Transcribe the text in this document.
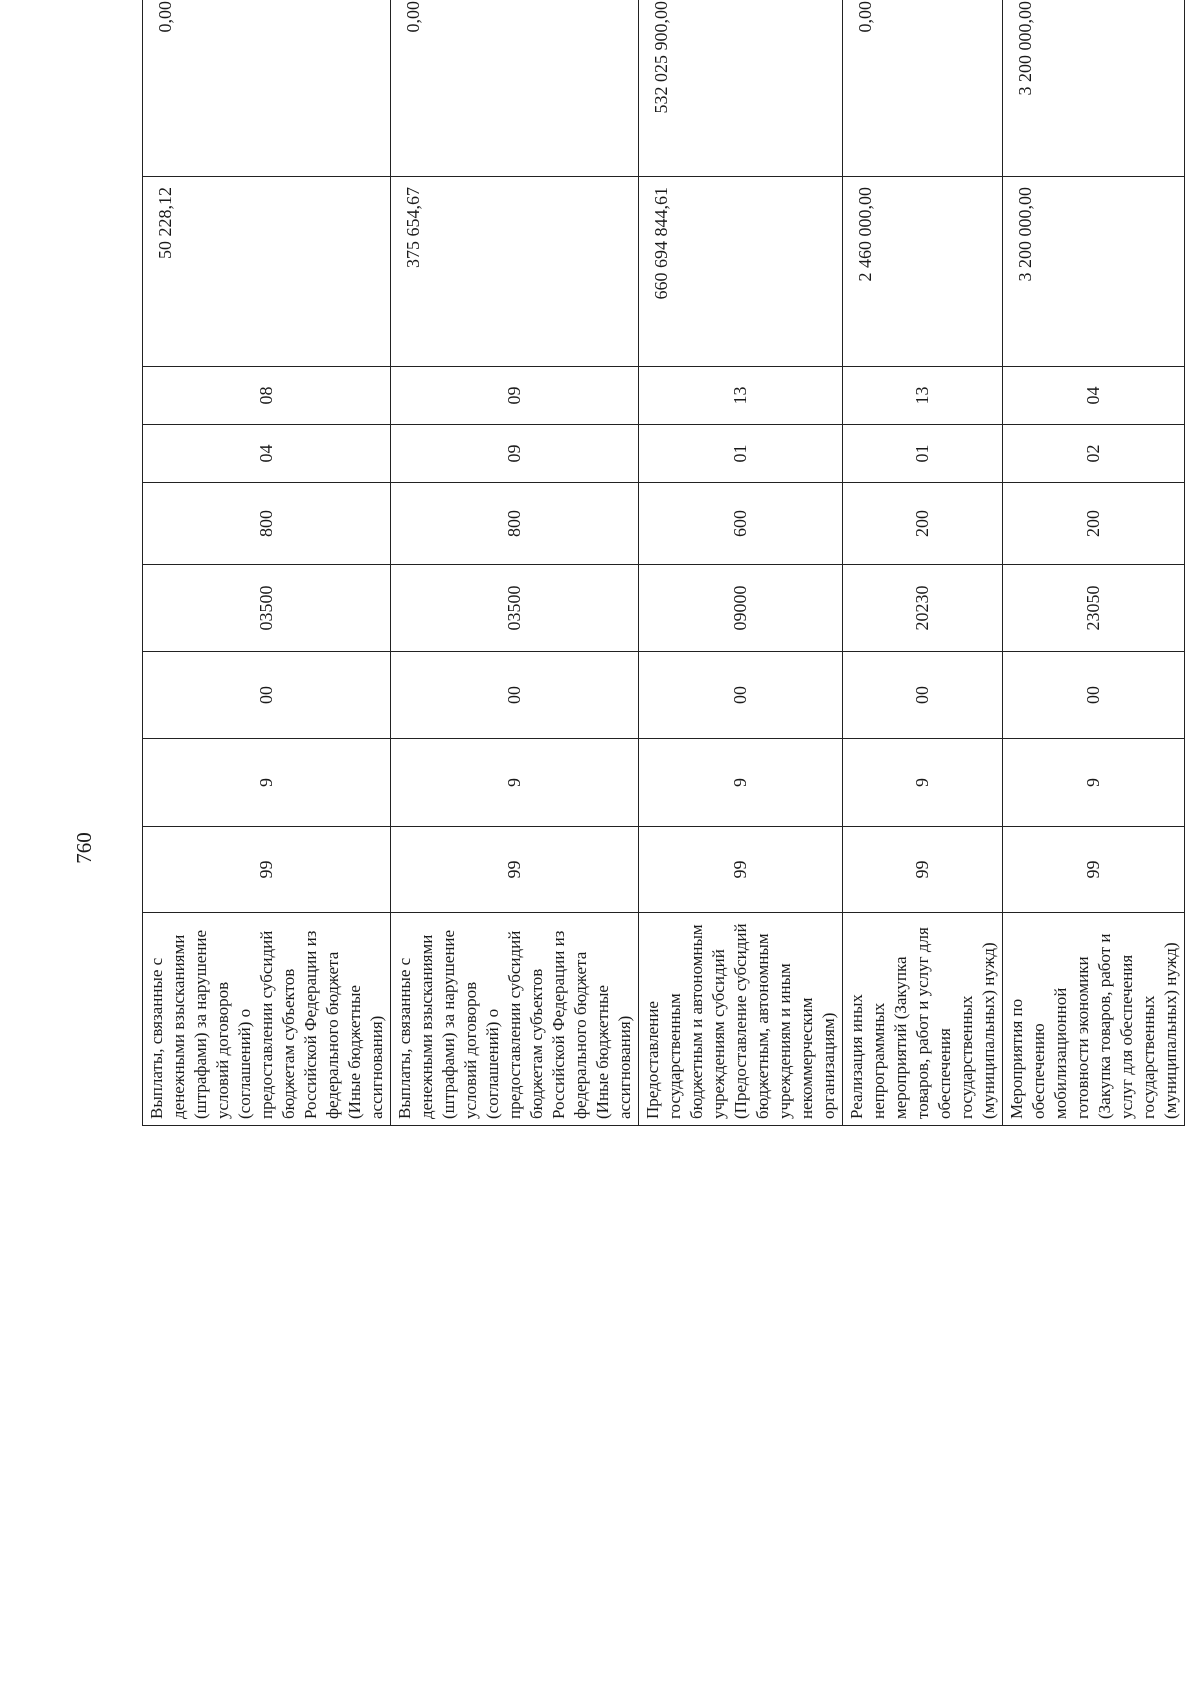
760
Выплаты, связанные с денежными взысканиями (штрафами) за нарушение условий договоров (соглашений) о предоставлении субсидий бюджетам субъектов Российской Федерации из федерального бюджета (Иные бюджетные ассигнования)	99	9	00	03500	800	04	08	50 228,12	0,00	
Выплаты, связанные с денежными взысканиями (штрафами) за нарушение условий договоров (соглашений) о предоставлении субсидий бюджетам субъектов Российской Федерации из федерального бюджета (Иные бюджетные ассигнования)	99	9	00	03500	800	09	09	375 654,67	0,00	
Предоставление государственным бюджетным и автономным учреждениям субсидий (Предоставление субсидий бюджетным, автономным учреждениям и иным некоммерческим организациям)	99	9	00	09000	600	01	13	660 694 844,61	532 025 900,00	
Реализация иных непрограммных мероприятий (Закупка товаров, работ и услуг для обеспечения государственных (муниципальных) нужд)	99	9	00	20230	200	01	13	2 460 000,00	0,00	
Мероприятия по обеспечению мобилизационной готовности экономики (Закупка товаров, работ и услуг для обеспечения государственных (муниципальных) нужд)	99	9	00	23050	200	02	04	3 200 000,00	3 200 000,00	
